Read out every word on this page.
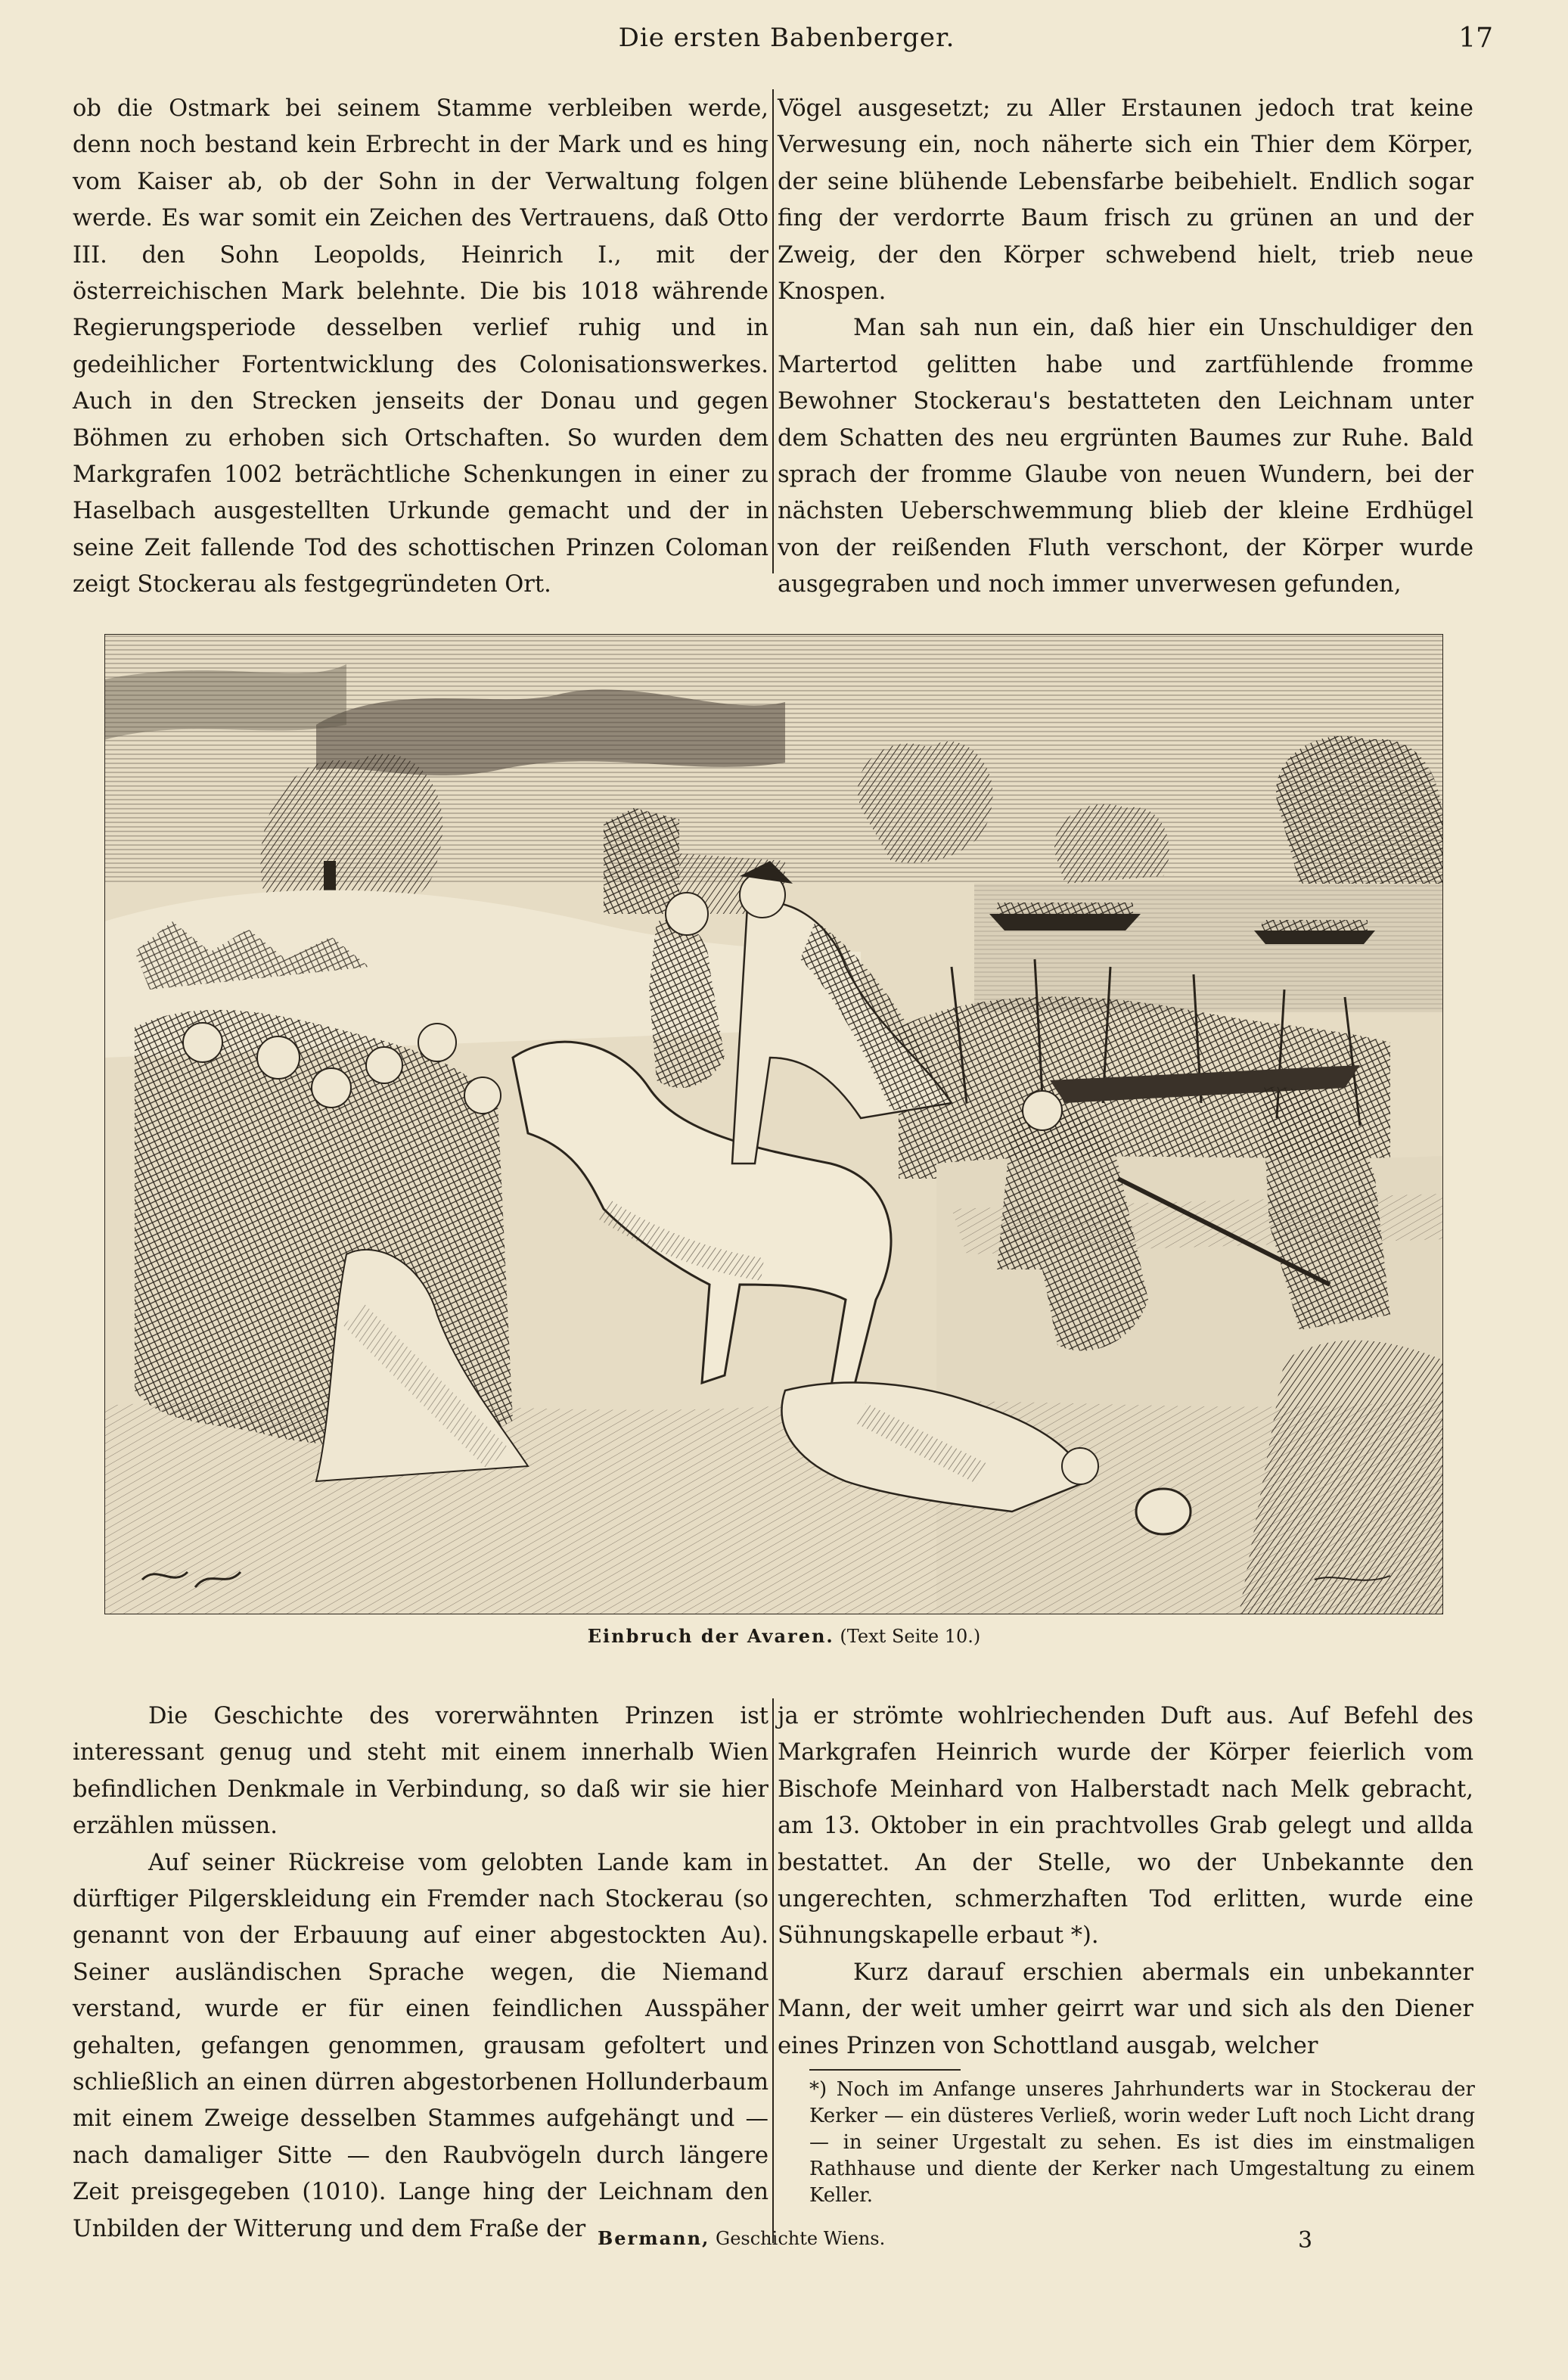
Die ersten Babenberger.	17

ob die Ostmark bei seinem Stamme verbleiben werde, denn noch bestand kein Erbrecht in der Mark und es hing vom Kaiser ab, ob der Sohn in der Verwaltung folgen werde. Es war somit ein Zeichen des Vertrauens, daß Otto III. den Sohn Leopolds, Heinrich I., mit der österreichischen Mark belehnte. Die bis 1018 währende Regierungsperiode desselben verlief ruhig und in gedeihlicher Fortentwicklung des Colonisationswerkes. Auch in den Strecken jenseits der Donau und gegen Böhmen zu erhoben sich Ortschaften. So wurden dem Markgrafen 1002 beträchtliche Schenkungen in einer zu Haselbach ausgestellten Urkunde gemacht und der in seine Zeit fallende Tod des schottischen Prinzen Coloman zeigt Stockerau als festgegründeten Ort.

Vögel ausgesetzt; zu Aller Erstaunen jedoch trat keine Verwesung ein, noch näherte sich ein Thier dem Körper, der seine blühende Lebensfarbe beibehielt. Endlich sogar fing der verdorrte Baum frisch zu grünen an und der Zweig, der den Körper schwebend hielt, trieb neue Knospen.

Man sah nun ein, daß hier ein Unschuldiger den Martertod gelitten habe und zartfühlende fromme Bewohner Stockerau's bestatteten den Leichnam unter dem Schatten des neu ergrünten Baumes zur Ruhe. Bald sprach der fromme Glaube von neuen Wundern, bei der nächsten Ueberschwemmung blieb der kleine Erdhügel von der reißenden Fluth verschont, der Körper wurde ausgegraben und noch immer unverwesen gefunden,

Einbruch der Avaren. (Text Seite 10.)

Die Geschichte des vorerwähnten Prinzen ist interessant genug und steht mit einem innerhalb Wien befindlichen Denkmale in Verbindung, so daß wir sie hier erzählen müssen.

Auf seiner Rückreise vom gelobten Lande kam in dürftiger Pilgerskleidung ein Fremder nach Stockerau (so genannt von der Erbauung auf einer abgestockten Au). Seiner ausländischen Sprache wegen, die Niemand verstand, wurde er für einen feindlichen Ausspäher gehalten, gefangen genommen, grausam gefoltert und schließlich an einen dürren abgestorbenen Hollunderbaum mit einem Zweige desselben Stammes aufgehängt und — nach damaliger Sitte — den Raubvögeln durch längere Zeit preisgegeben (1010). Lange hing der Leichnam den Unbilden der Witterung und dem Fraße der

ja er strömte wohlriechenden Duft aus. Auf Befehl des Markgrafen Heinrich wurde der Körper feierlich vom Bischofe Meinhard von Halberstadt nach Melk gebracht, am 13. Oktober in ein prachtvolles Grab gelegt und allda bestattet. An der Stelle, wo der Unbekannte den ungerechten, schmerzhaften Tod erlitten, wurde eine Sühnungskapelle erbaut *).

Kurz darauf erschien abermals ein unbekannter Mann, der weit umher geirrt war und sich als den Diener eines Prinzen von Schottland ausgab, welcher

*) Noch im Anfange unseres Jahrhunderts war in Stockerau der Kerker — ein düsteres Verließ, worin weder Luft noch Licht drang — in seiner Urgestalt zu sehen. Es ist dies im einstmaligen Rathhause und diente der Kerker nach Umgestaltung zu einem Keller.
Bermann, Geschichte Wiens.	3
